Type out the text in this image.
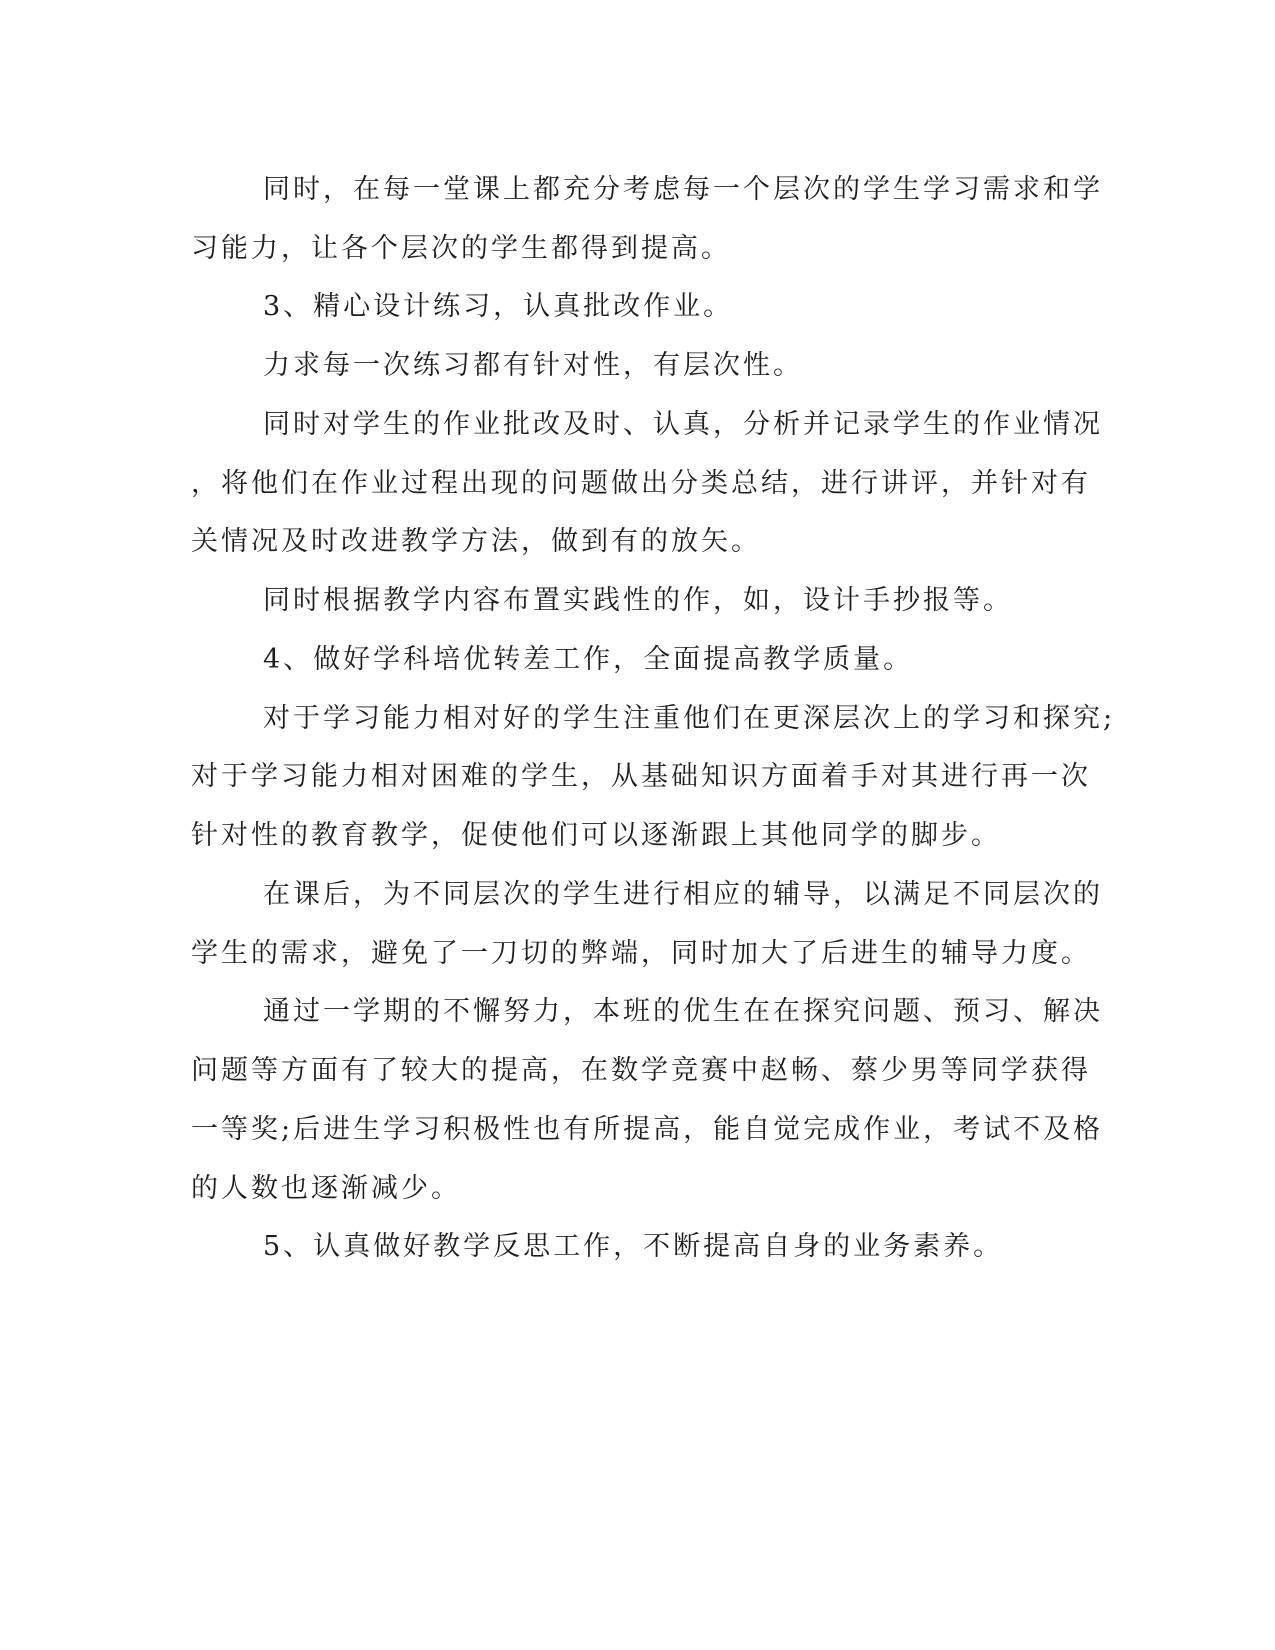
同时，在每一堂课上都充分考虑每一个层次的学生学习需求和学
习能力，让各个层次的学生都得到提高。
3、精心设计练习，认真批改作业。
力求每一次练习都有针对性，有层次性。
同时对学生的作业批改及时、认真，分析并记录学生的作业情况
，将他们在作业过程出现的问题做出分类总结，进行讲评，并针对有
关情况及时改进教学方法，做到有的放矢。
同时根据教学内容布置实践性的作，如，设计手抄报等。
4、做好学科培优转差工作，全面提高教学质量。
对于学习能力相对好的学生注重他们在更深层次上的学习和探究;
对于学习能力相对困难的学生，从基础知识方面着手对其进行再一次
针对性的教育教学，促使他们可以逐渐跟上其他同学的脚步。
在课后，为不同层次的学生进行相应的辅导，以满足不同层次的
学生的需求，避免了一刀切的弊端，同时加大了后进生的辅导力度。
通过一学期的不懈努力，本班的优生在在探究问题、预习、解决
问题等方面有了较大的提高，在数学竞赛中赵畅、蔡少男等同学获得
一等奖;后进生学习积极性也有所提高，能自觉完成作业，考试不及格
的人数也逐渐减少。
5、认真做好教学反思工作，不断提高自身的业务素养。
